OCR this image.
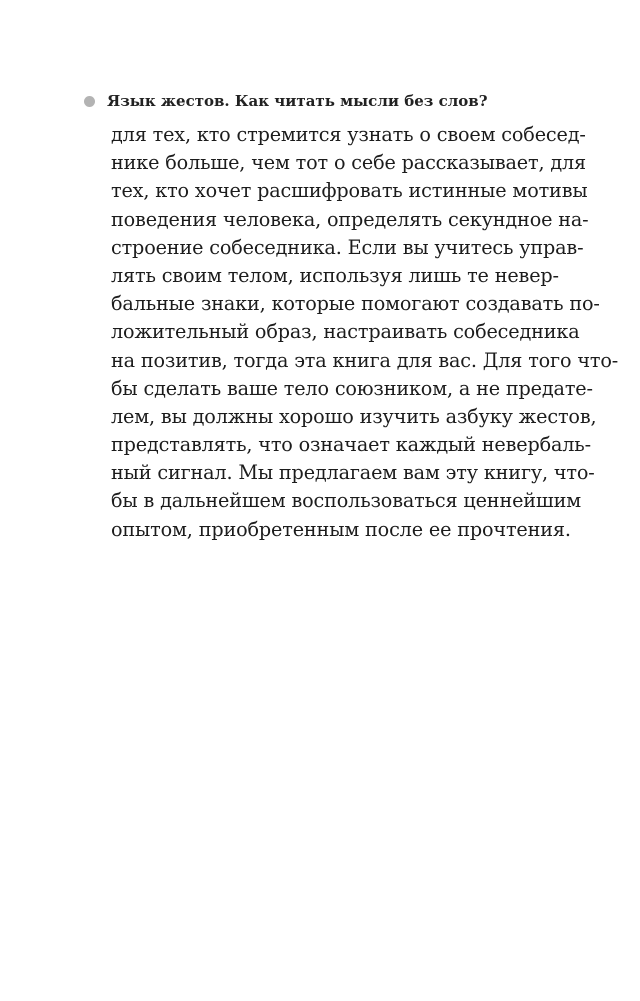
Язык жестов. Как читать мысли без слов?
для тех, кто стремится узнать о своем собесед-
нике больше, чем тот о себе рассказывает, для
тех, кто хочет расшифровать истинные мотивы
поведения человека, определять секундное на-
строение собеседника. Если вы учитесь управ-
лять своим телом, используя лишь те невер-
бальные знаки, которые помогают создавать по-
ложительный образ, настраивать собеседника
на позитив, тогда эта книга для вас. Для того чтo-
бы сделать ваше тело союзником, а не предате-
лем, вы должны хорошо изучить азбуку жестов,
представлять, что означает каждый невербаль-
ный сигнал. Мы предлагаем вам эту книгу, что-
бы в дальнейшем воспользоваться ценнейшим
опытом, приобретенным после ее прочтения.
